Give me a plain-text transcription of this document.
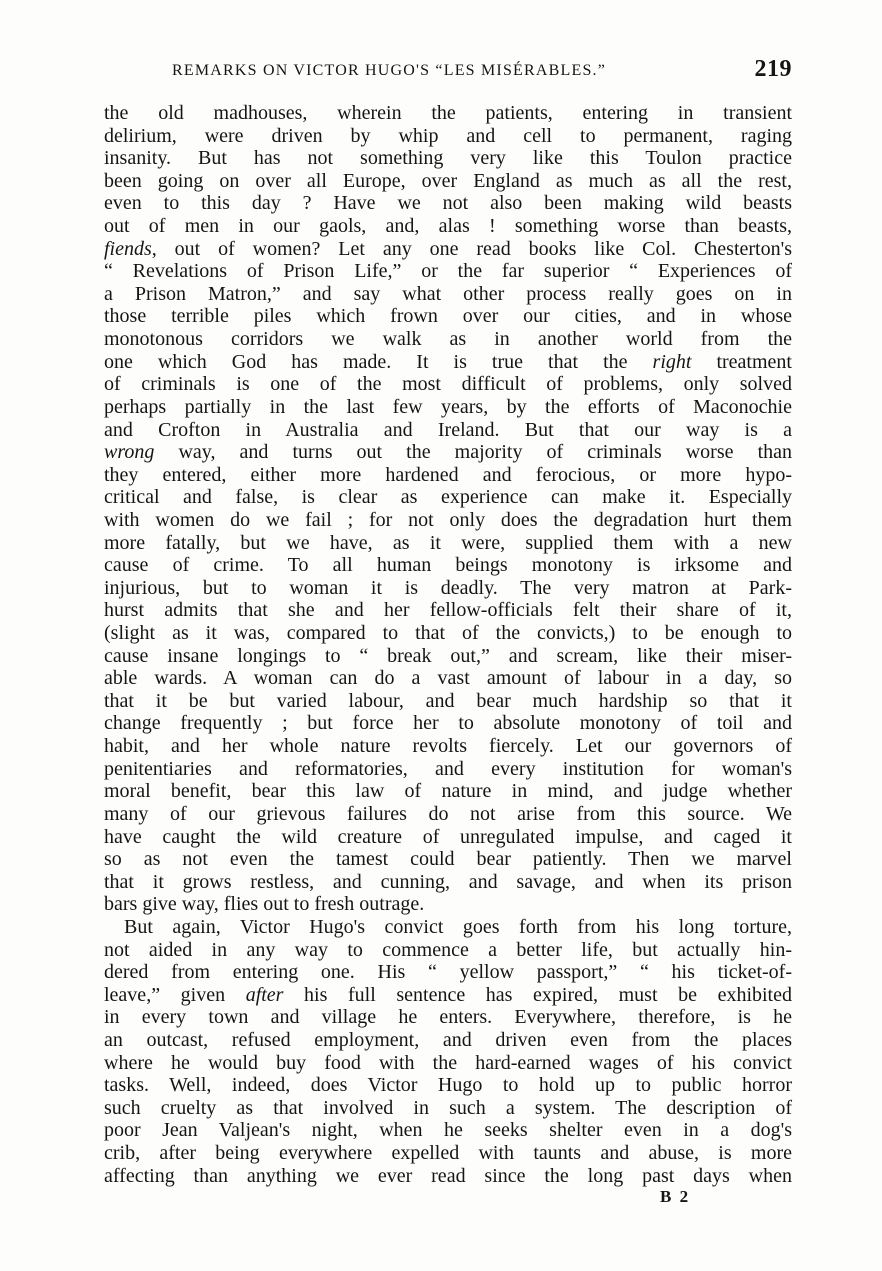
REMARKS ON VICTOR HUGO'S “LES MISÉRABLES.”	219
the old madhouses, wherein the patients, entering in transient
delirium, were driven by whip and cell to permanent, raging
insanity. But has not something very like this Toulon practice
been going on over all Europe, over England as much as all the rest,
even to this day ? Have we not also been making wild beasts
out of men in our gaols, and, alas ! something worse than beasts,
fiends, out of women? Let any one read books like Col. Chesterton's
“ Revelations of Prison Life,” or the far superior “ Experiences of
a Prison Matron,” and say what other process really goes on in
those terrible piles which frown over our cities, and in whose
monotonous corridors we walk as in another world from the
one which God has made. It is true that the right treatment
of criminals is one of the most difficult of problems, only solved
perhaps partially in the last few years, by the efforts of Maconochie
and Crofton in Australia and Ireland. But that our way is a
wrong way, and turns out the majority of criminals worse than
they entered, either more hardened and ferocious, or more hypo-
critical and false, is clear as experience can make it. Especially
with women do we fail ; for not only does the degradation hurt them
more fatally, but we have, as it were, supplied them with a new
cause of crime. To all human beings monotony is irksome and
injurious, but to woman it is deadly. The very matron at Park-
hurst admits that she and her fellow-officials felt their share of it,
(slight as it was, compared to that of the convicts,) to be enough to
cause insane longings to “ break out,” and scream, like their miser-
able wards. A woman can do a vast amount of labour in a day, so
that it be but varied labour, and bear much hardship so that it
change frequently ; but force her to absolute monotony of toil and
habit, and her whole nature revolts fiercely. Let our governors of
penitentiaries and reformatories, and every institution for woman's
moral benefit, bear this law of nature in mind, and judge whether
many of our grievous failures do not arise from this source. We
have caught the wild creature of unregulated impulse, and caged it
so as not even the tamest could bear patiently. Then we marvel
that it grows restless, and cunning, and savage, and when its prison
bars give way, flies out to fresh outrage.
But again, Victor Hugo's convict goes forth from his long torture,
not aided in any way to commence a better life, but actually hin-
dered from entering one. His “ yellow passport,” “ his ticket-of-
leave,” given after his full sentence has expired, must be exhibited
in every town and village he enters. Everywhere, therefore, is he
an outcast, refused employment, and driven even from the places
where he would buy food with the hard-earned wages of his convict
tasks. Well, indeed, does Victor Hugo to hold up to public horror
such cruelty as that involved in such a system. The description of
poor Jean Valjean's night, when he seeks shelter even in a dog's
crib, after being everywhere expelled with taunts and abuse, is more
affecting than anything we ever read since the long past days when
B 2
